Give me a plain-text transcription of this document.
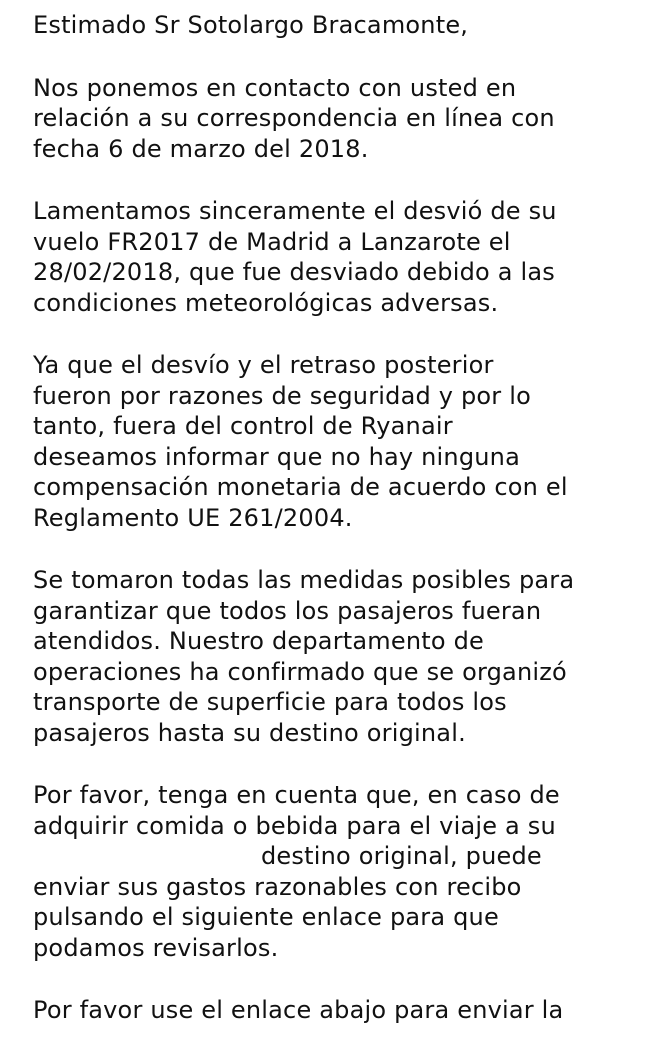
Estimado Sr Sotolargo Bracamonte,
Nos ponemos en contacto con usted en
relación a su correspondencia en línea con
fecha 6 de marzo del 2018.
Lamentamos sinceramente el desvió de su
vuelo FR2017 de Madrid a Lanzarote el
28/02/2018, que fue desviado debido a las
condiciones meteorológicas adversas.
Ya que el desvío y el retraso posterior
fueron por razones de seguridad y por lo
tanto, fuera del control de Ryanair
deseamos informar que no hay ninguna
compensación monetaria de acuerdo con el
Reglamento UE 261/2004.
Se tomaron todas las medidas posibles para
garantizar que todos los pasajeros fueran
atendidos. Nuestro departamento de
operaciones ha confirmado que se organizó
transporte de superficie para todos los
pasajeros hasta su destino original.
Por favor, tenga en cuenta que, en caso de
adquirir comida o bebida para el viaje a su
destino original, puede
enviar sus gastos razonables con recibo
pulsando el siguiente enlace para que
podamos revisarlos.
Por favor use el enlace abajo para enviar la
